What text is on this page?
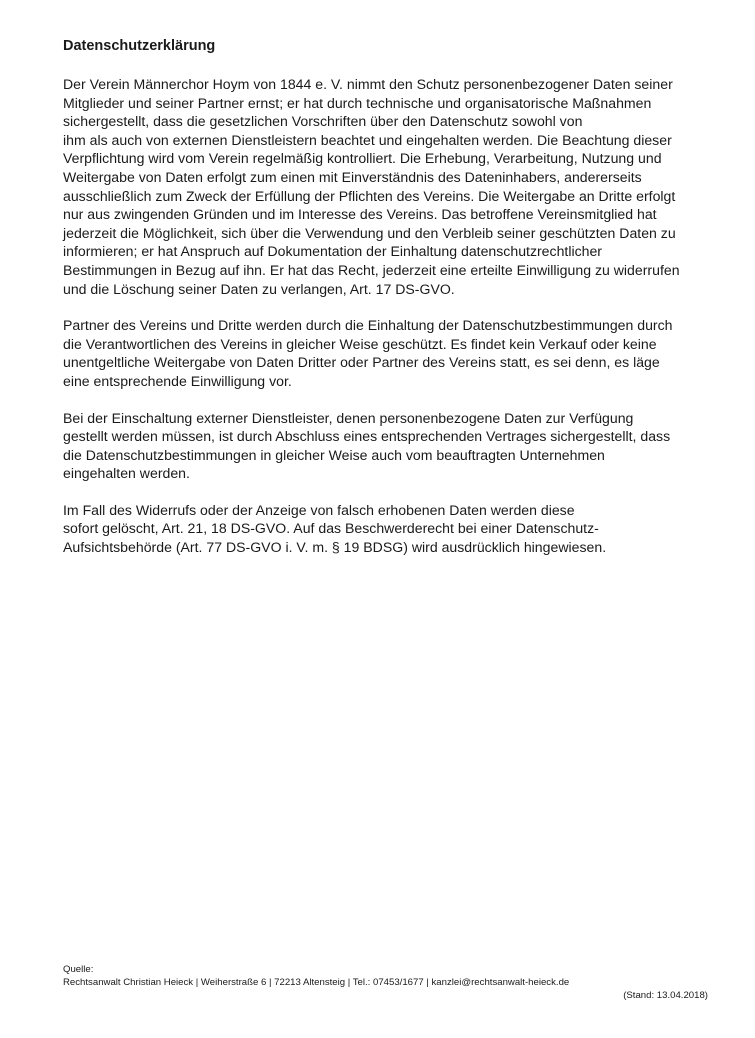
Datenschutzerklärung

Der Verein Männerchor Hoym von 1844 e. V. nimmt den Schutz personenbezogener Daten seiner
Mitglieder und seiner Partner ernst; er hat durch technische und organisatorische Maßnahmen
sichergestellt, dass die gesetzlichen Vorschriften über den Datenschutz sowohl von
ihm als auch von externen Dienstleistern beachtet und eingehalten werden. Die Beachtung dieser
Verpflichtung wird vom Verein regelmäßig kontrolliert. Die Erhebung, Verarbeitung, Nutzung und
Weitergabe von Daten erfolgt zum einen mit Einverständnis des Dateninhabers, andererseits
ausschließlich zum Zweck der Erfüllung der Pflichten des Vereins. Die Weitergabe an Dritte erfolgt
nur aus zwingenden Gründen und im Interesse des Vereins. Das betroffene Vereinsmitglied hat
jederzeit die Möglichkeit, sich über die Verwendung und den Verbleib seiner geschützten Daten zu
informieren; er hat Anspruch auf Dokumentation der Einhaltung datenschutzrechtlicher
Bestimmungen in Bezug auf ihn. Er hat das Recht, jederzeit eine erteilte Einwilligung zu widerrufen
und die Löschung seiner Daten zu verlangen, Art. 17 DS-GVO.

Partner des Vereins und Dritte werden durch die Einhaltung der Datenschutzbestimmungen durch
die Verantwortlichen des Vereins in gleicher Weise geschützt. Es findet kein Verkauf oder keine
unentgeltliche Weitergabe von Daten Dritter oder Partner des Vereins statt, es sei denn, es läge
eine entsprechende Einwilligung vor.

Bei der Einschaltung externer Dienstleister, denen personenbezogene Daten zur Verfügung
gestellt werden müssen, ist durch Abschluss eines entsprechenden Vertrages sichergestellt, dass
die Datenschutzbestimmungen in gleicher Weise auch vom beauftragten Unternehmen
eingehalten werden.

Im Fall des Widerrufs oder der Anzeige von falsch erhobenen Daten werden diese
sofort gelöscht, Art. 21, 18 DS-GVO. Auf das Beschwerderecht bei einer Datenschutz-
Aufsichtsbehörde (Art. 77 DS-GVO i. V. m. § 19 BDSG) wird ausdrücklich hingewiesen.

Quelle:
Rechtsanwalt Christian Heieck | Weiherstraße 6 | 72213 Altensteig | Tel.: 07453/1677 | kanzlei@rechtsanwalt-heieck.de
(Stand: 13.04.2018)
